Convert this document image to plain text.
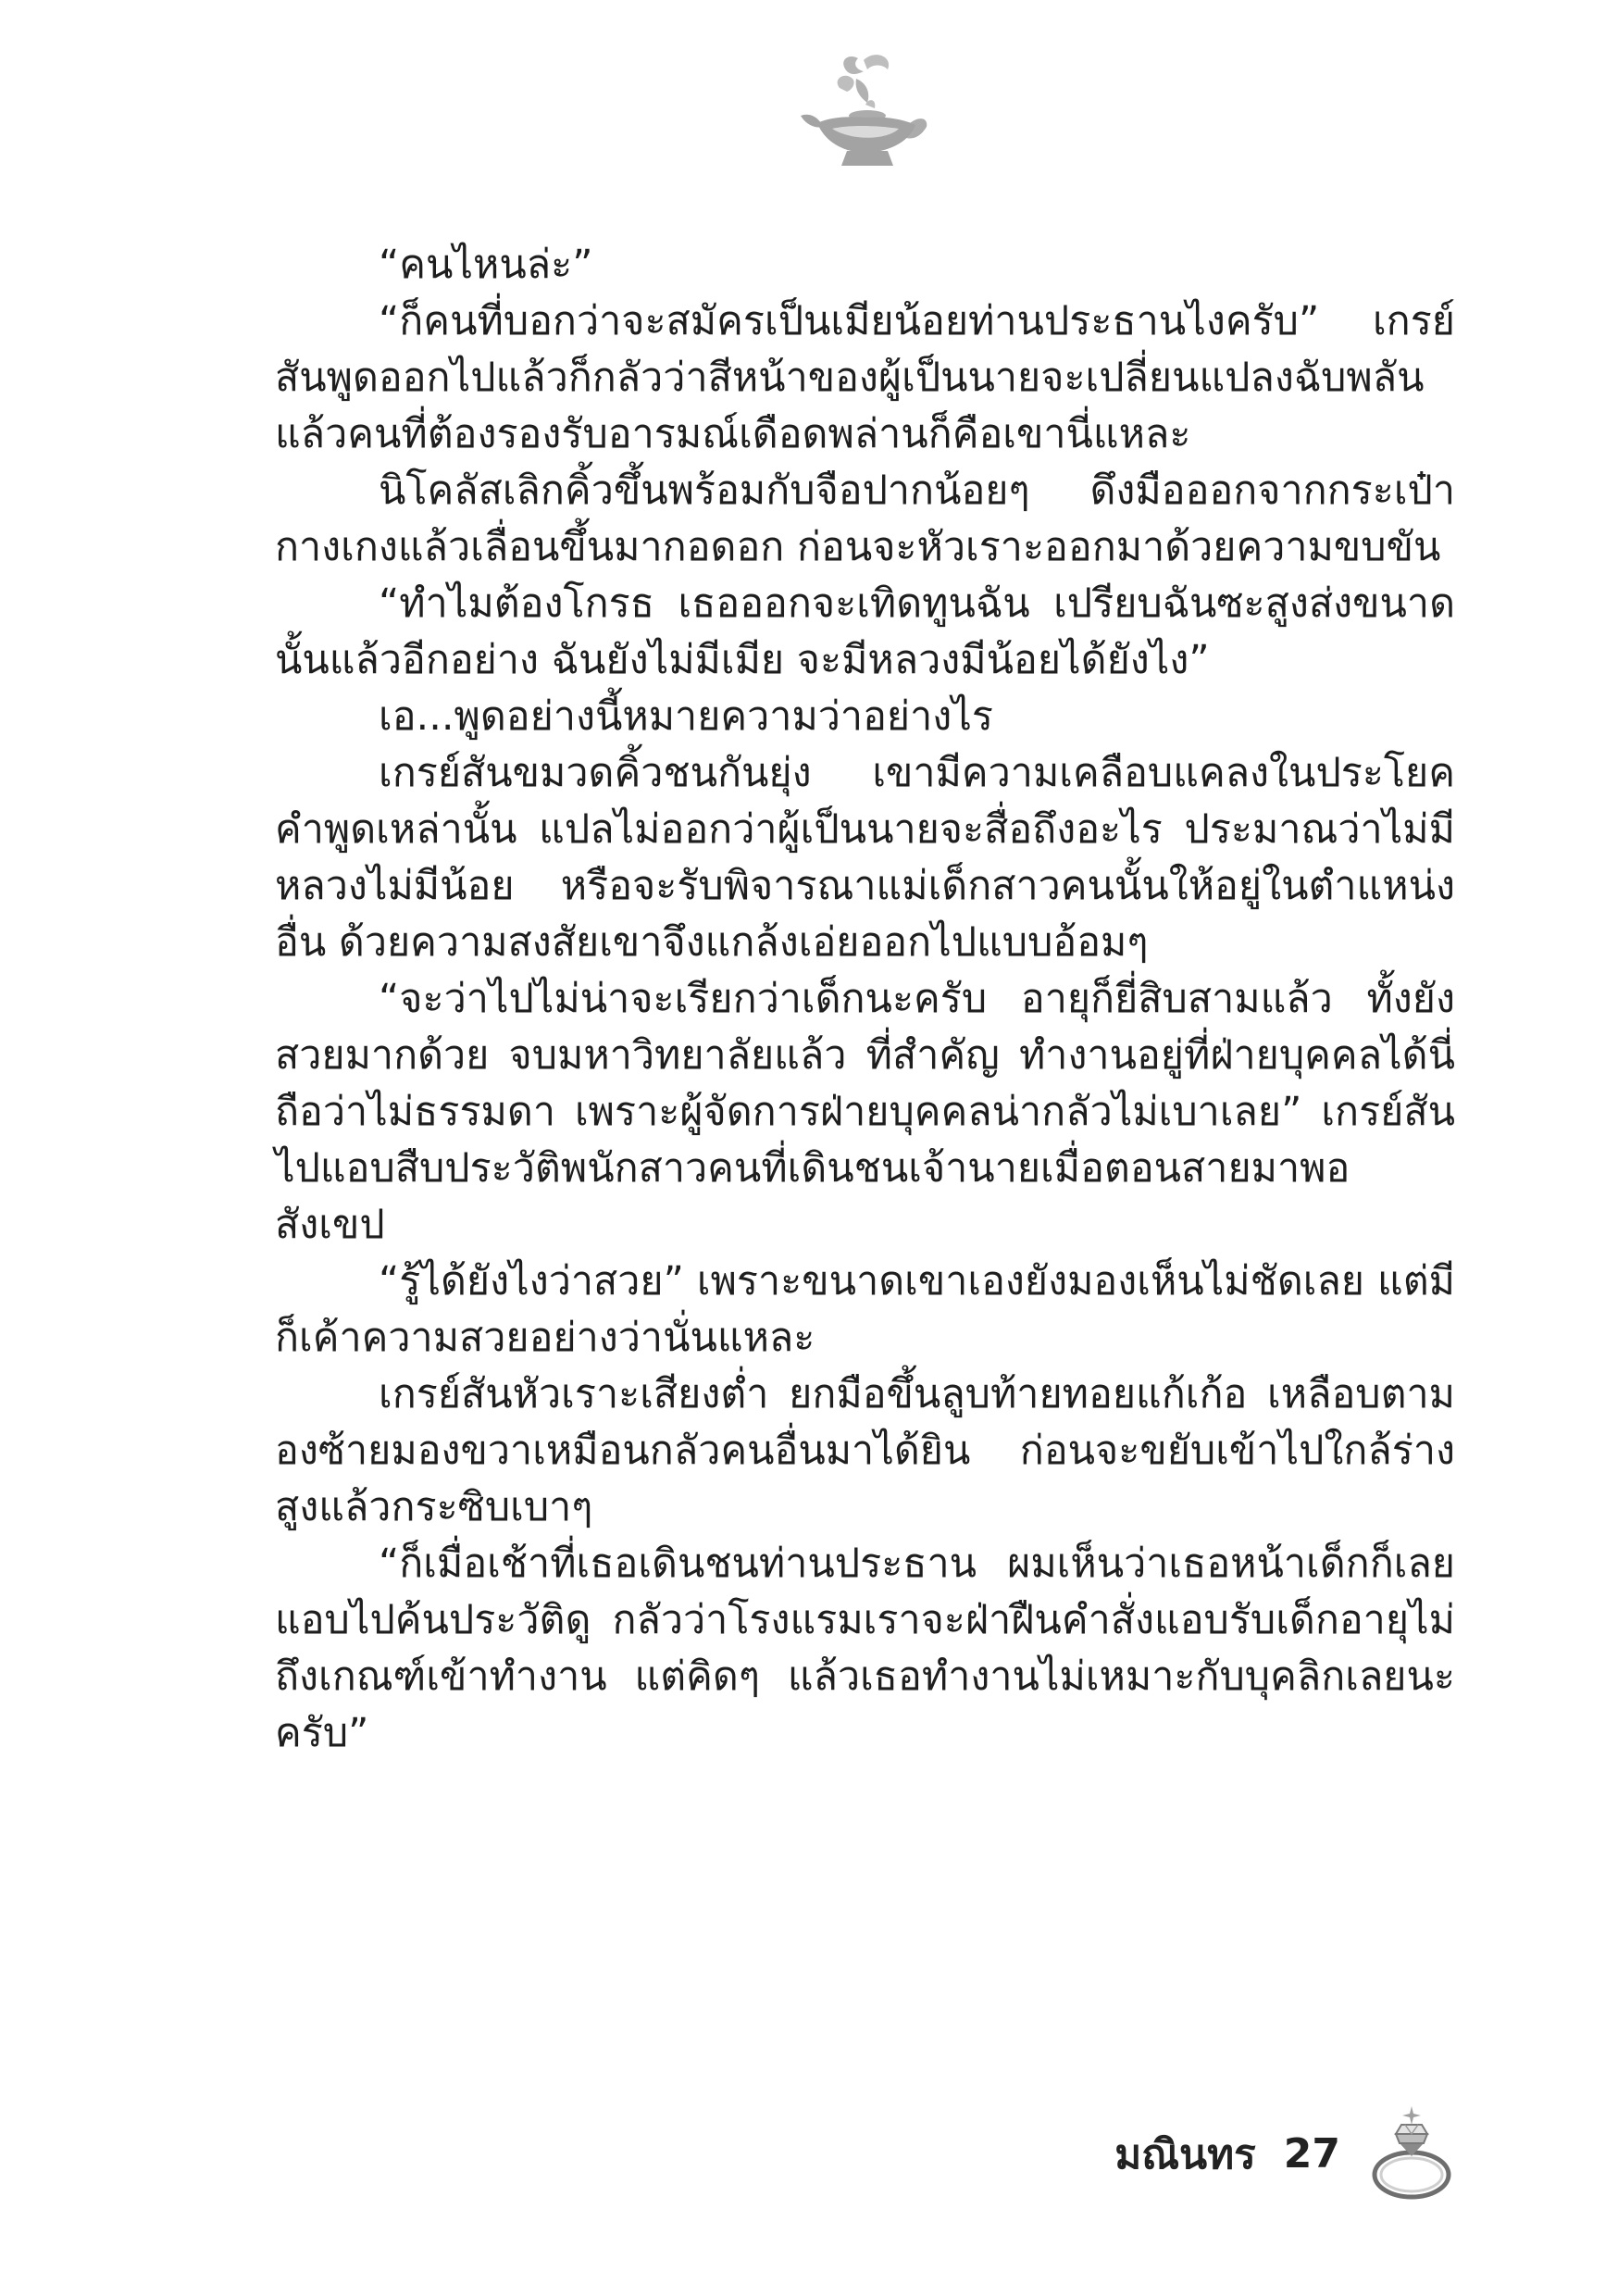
“คนไหนล่ะ”

“ก็คนที่บอกว่าจะสมัครเป็นเมียน้อยท่านประธานไงครับ” เกรย์สันพูดออกไปแล้วก็กลัวว่าสีหน้าของผู้เป็นนายจะเปลี่ยนแปลงฉับพลันแล้วคนที่ต้องรองรับอารมณ์เดือดพล่านก็คือเขานี่แหละ

นิโคลัสเลิกคิ้วขึ้นพร้อมกับจือปากน้อยๆ ดึงมือออกจากกระเป๋ากางเกงแล้วเลื่อนขึ้นมากอดอก ก่อนจะหัวเราะออกมาด้วยความขบขัน

“ทำไมต้องโกรธ เธอออกจะเทิดทูนฉัน เปรียบฉันซะสูงส่งขนาดนั้นแล้วอีกอย่าง ฉันยังไม่มีเมีย จะมีหลวงมีน้อยได้ยังไง”

เอ...พูดอย่างนี้หมายความว่าอย่างไร

เกรย์สันขมวดคิ้วชนกันยุ่ง เขามีความเคลือบแคลงในประโยคคำพูดเหล่านั้น แปลไม่ออกว่าผู้เป็นนายจะสื่อถึงอะไร ประมาณว่าไม่มีหลวงไม่มีน้อย หรือจะรับพิจารณาแม่เด็กสาวคนนั้นให้อยู่ในตำแหน่งอื่น ด้วยความสงสัยเขาจึงแกล้งเอ่ยออกไปแบบอ้อมๆ

“จะว่าไปไม่น่าจะเรียกว่าเด็กนะครับ อายุก็ยี่สิบสามแล้ว ทั้งยังสวยมากด้วย จบมหาวิทยาลัยแล้ว ที่สำคัญ ทำงานอยู่ที่ฝ่ายบุคคลได้นี่ถือว่าไม่ธรรมดา เพราะผู้จัดการฝ่ายบุคคลน่ากลัวไม่เบาเลย” เกรย์สันไปแอบสืบประวัติพนักสาวคนที่เดินชนเจ้านายเมื่อตอนสายมาพอสังเขป

“รู้ได้ยังไงว่าสวย” เพราะขนาดเขาเองยังมองเห็นไม่ชัดเลย แต่มีก็เค้าความสวยอย่างว่านั่นแหละ

เกรย์สันหัวเราะเสียงต่ำ ยกมือขึ้นลูบท้ายทอยแก้เก้อ เหลือบตามองซ้ายมองขวาเหมือนกลัวคนอื่นมาได้ยิน ก่อนจะขยับเข้าไปใกล้ร่างสูงแล้วกระซิบเบาๆ

“ก็เมื่อเช้าที่เธอเดินชนท่านประธาน ผมเห็นว่าเธอหน้าเด็กก็เลยแอบไปค้นประวัติดู กลัวว่าโรงแรมเราจะฝ่าฝืนคำสั่งแอบรับเด็กอายุไม่ถึงเกณฑ์เข้าทำงาน แต่คิดๆ แล้วเธอทำงานไม่เหมาะกับบุคลิกเลยนะครับ”

มณินทร 27
